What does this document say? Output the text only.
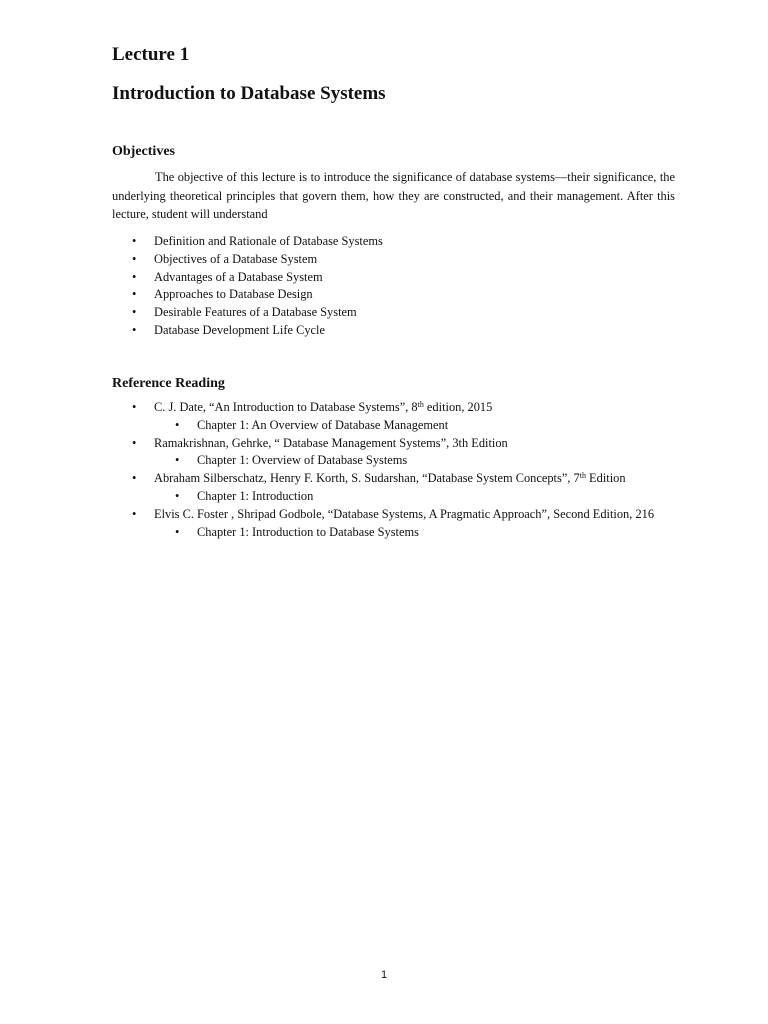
Lecture 1
Introduction to Database Systems
Objectives

The objective of this lecture is to introduce the significance of database systems—their significance, the underlying theoretical principles that govern them, how they are constructed, and their management. After this lecture, student will understand

• Definition and Rationale of Database Systems
• Objectives of a Database System
• Advantages of a Database System
• Approaches to Database Design
• Desirable Features of a Database System
• Database Development Life Cycle
Reference Reading
• C. J. Date, “An Introduction to Database Systems”, 8th edition, 2015
• Chapter 1: An Overview of Database Management
• Ramakrishnan, Gehrke, “ Database Management Systems”, 3th Edition
• Chapter 1: Overview of Database Systems
• Abraham Silberschatz, Henry F. Korth, S. Sudarshan, “Database System Concepts”, 7th Edition
• Chapter 1: Introduction
• Elvis C. Foster , Shripad Godbole, “Database Systems, A Pragmatic Approach”, Second Edition, 216
• Chapter 1: Introduction to Database Systems
1
